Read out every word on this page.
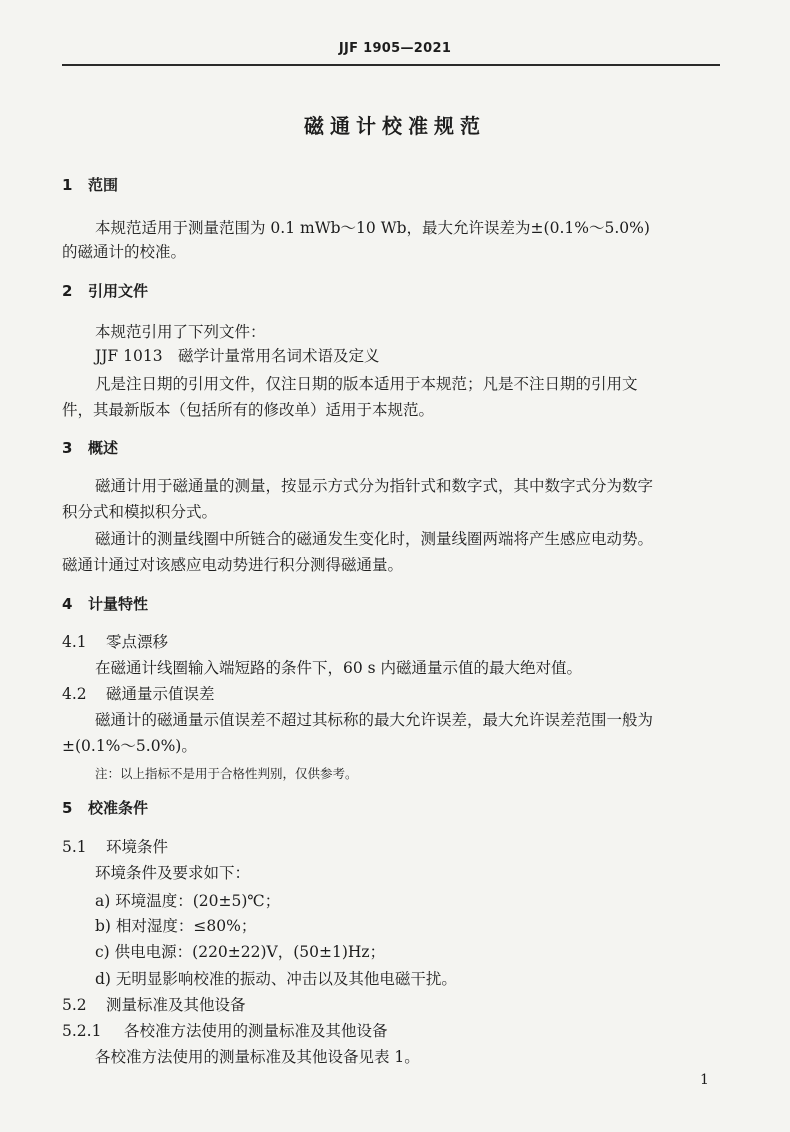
JJF 1905—2021
磁通计校准规范
1 范围
本规范适用于测量范围为 0.1 mWb～10 Wb，最大允许误差为±(0.1%～5.0%)
的磁通计的校准。
2 引用文件
本规范引用了下列文件：
JJF 1013　磁学计量常用名词术语及定义
凡是注日期的引用文件，仅注日期的版本适用于本规范；凡是不注日期的引用文
件，其最新版本（包括所有的修改单）适用于本规范。
3 概述
磁通计用于磁通量的测量，按显示方式分为指针式和数字式，其中数字式分为数字
积分式和模拟积分式。
磁通计的测量线圈中所链合的磁通发生变化时，测量线圈两端将产生感应电动势。
磁通计通过对该感应电动势进行积分测得磁通量。
4 计量特性
4.1 零点漂移
在磁通计线圈输入端短路的条件下，60 s 内磁通量示值的最大绝对值。
4.2 磁通量示值误差
磁通计的磁通量示值误差不超过其标称的最大允许误差，最大允许误差范围一般为
±(0.1%～5.0%)。
注：以上指标不是用于合格性判别，仅供参考。
5 校准条件
5.1 环境条件
环境条件及要求如下：
a) 环境温度：(20±5)℃；
b) 相对湿度：≤80%；
c) 供电电源：(220±22)V，(50±1)Hz；
d) 无明显影响校准的振动、冲击以及其他电磁干扰。
5.2 测量标准及其他设备
5.2.1 各校准方法使用的测量标准及其他设备
各校准方法使用的测量标准及其他设备见表 1。
1
